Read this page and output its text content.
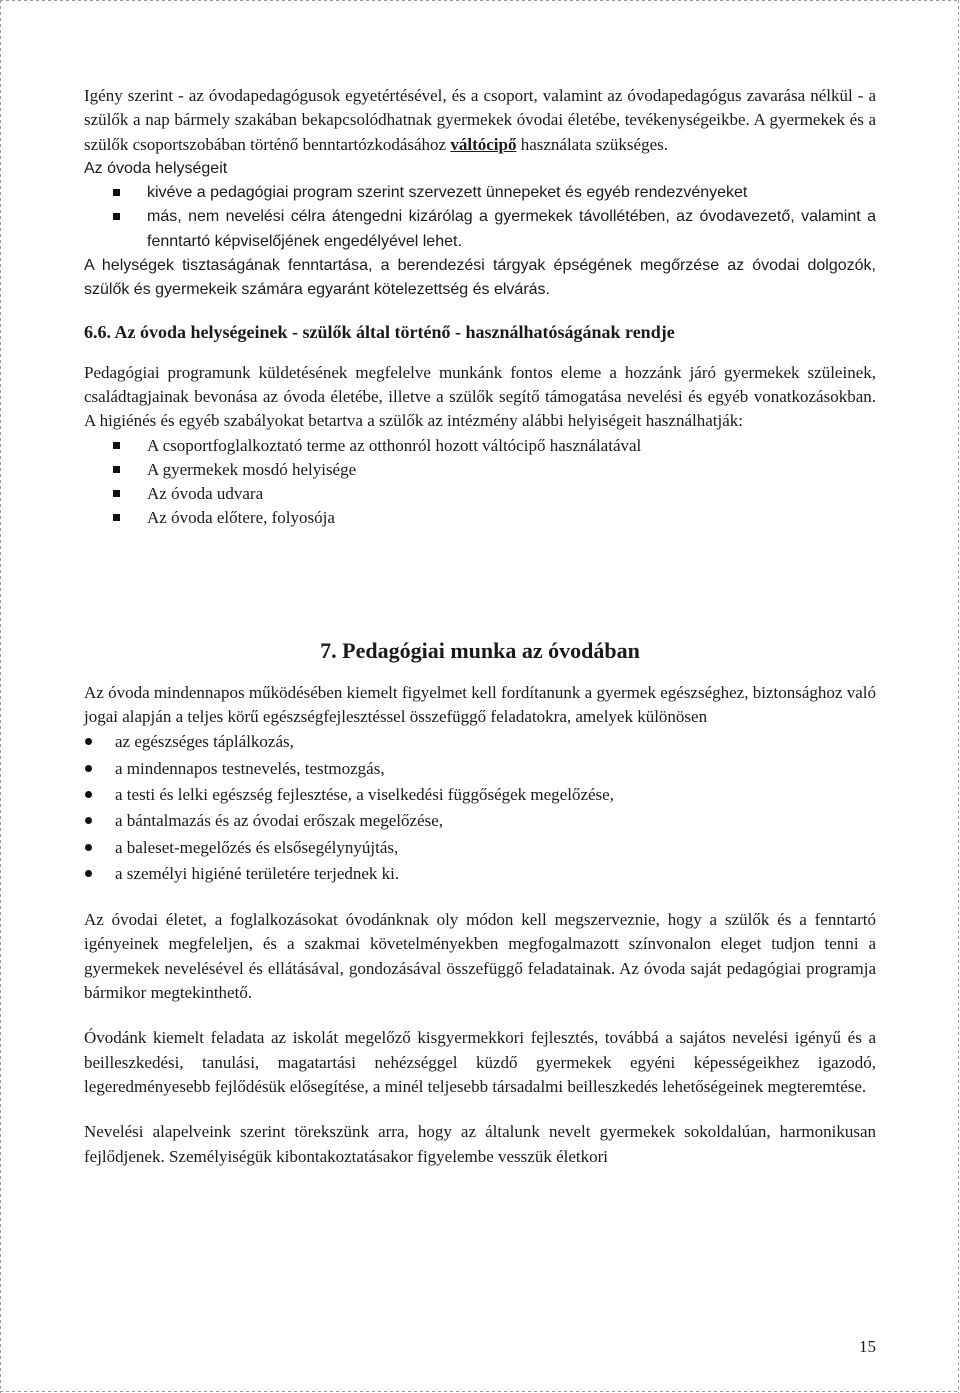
Igény szerint - az óvodapedagógusok egyetértésével, és a csoport, valamint az óvodapedagógus zavarása nélkül - a szülők a nap bármely szakában bekapcsolódhatnak gyermekek óvodai életébe, tevékenységeikbe. A gyermekek és a szülők csoportszobában történő benntartózkodásához váltócipő használata szükséges.

Az óvoda helységeit

kivéve a pedagógiai program szerint szervezett ünnepeket és egyéb rendezvényeket
más, nem nevelési célra átengedni kizárólag a gyermekek távollétében, az óvodavezető, valamint a fenntartó képviselőjének engedélyével lehet.

A helységek tisztaságának fenntartása, a berendezési tárgyak épségének megőrzése az óvodai dolgozók, szülők és gyermekeik számára egyaránt kötelezettség és elvárás.

6.6. Az óvoda helységeinek - szülők által történő - használhatóságának rendje

Pedagógiai programunk küldetésének megfelelve munkánk fontos eleme a hozzánk járó gyermekek szüleinek, családtagjainak bevonása az óvoda életébe, illetve a szülők segítő támogatása nevelési és egyéb vonatkozásokban. A higiénés és egyéb szabályokat betartva a szülők az intézmény alábbi helyiségeit használhatják:

A csoportfoglalkoztató terme az otthonról hozott váltócipő használatával
A gyermekek mosdó helyisége
Az óvoda udvara
Az óvoda előtere, folyosója
7. Pedagógiai munka az óvodában

Az óvoda mindennapos működésében kiemelt figyelmet kell fordítanunk a gyermek egészséghez, biztonsághoz való jogai alapján a teljes körű egészségfejlesztéssel összefüggő feladatokra, amelyek különösen

az egészséges táplálkozás,
a mindennapos testnevelés, testmozgás,
a testi és lelki egészség fejlesztése, a viselkedési függőségek megelőzése,
a bántalmazás és az óvodai erőszak megelőzése,
a baleset-megelőzés és elsősegélynyújtás,
a személyi higiéné területére terjednek ki.

Az óvodai életet, a foglalkozásokat óvodánknak oly módon kell megszerveznie, hogy a szülők és a fenntartó igényeinek megfeleljen, és a szakmai követelményekben megfogalmazott színvonalon eleget tudjon tenni a gyermekek nevelésével és ellátásával, gondozásával összefüggő feladatainak. Az óvoda saját pedagógiai programja bármikor megtekinthető.

Óvodánk kiemelt feladata az iskolát megelőző kisgyermekkori fejlesztés, továbbá a sajátos nevelési igényű és a beilleszkedési, tanulási, magatartási nehézséggel küzdő gyermekek egyéni képességeikhez igazodó, legeredményesebb fejlődésük elősegítése, a minél teljesebb társadalmi beilleszkedés lehetőségeinek megteremtése.

Nevelési alapelveink szerint törekszünk arra, hogy az általunk nevelt gyermekek sokoldalúan, harmonikusan fejlődjenek. Személyiségük kibontakoztatásakor figyelembe vesszük életkori

15
